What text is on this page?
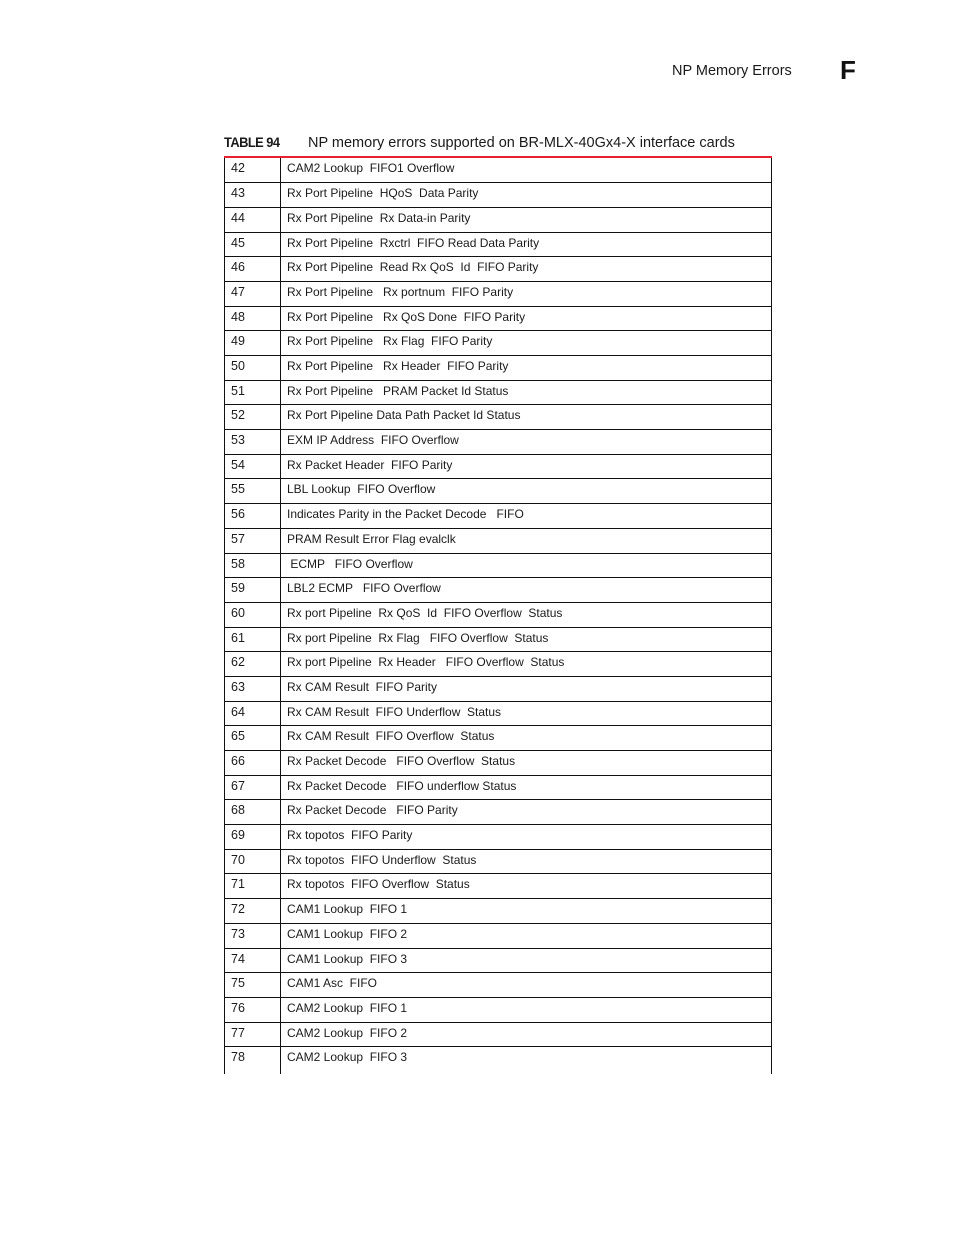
NP Memory Errors F
TABLE 94 NP memory errors supported on BR-MLX-40Gx4-X interface cards
42	CAM2 Lookup  FIFO1 Overflow
43	Rx Port Pipeline  HQoS  Data Parity
44	Rx Port Pipeline  Rx Data-in Parity
45	Rx Port Pipeline  Rxctrl  FIFO Read Data Parity
46	Rx Port Pipeline  Read Rx QoS  Id  FIFO Parity
47	Rx Port Pipeline   Rx portnum  FIFO Parity
48	Rx Port Pipeline   Rx QoS Done  FIFO Parity
49	Rx Port Pipeline   Rx Flag  FIFO Parity
50	Rx Port Pipeline   Rx Header  FIFO Parity
51	Rx Port Pipeline   PRAM Packet Id Status
52	Rx Port Pipeline Data Path Packet Id Status
53	EXM IP Address  FIFO Overflow
54	Rx Packet Header  FIFO Parity
55	LBL Lookup  FIFO Overflow
56	Indicates Parity in the Packet Decode   FIFO
57	PRAM Result Error Flag evalclk
58	ECMP   FIFO Overflow
59	LBL2 ECMP   FIFO Overflow
60	Rx port Pipeline  Rx QoS  Id  FIFO Overflow  Status
61	Rx port Pipeline  Rx Flag   FIFO Overflow  Status
62	Rx port Pipeline  Rx Header   FIFO Overflow  Status
63	Rx CAM Result  FIFO Parity
64	Rx CAM Result  FIFO Underflow  Status
65	Rx CAM Result  FIFO Overflow  Status
66	Rx Packet Decode   FIFO Overflow  Status
67	Rx Packet Decode   FIFO underflow Status
68	Rx Packet Decode   FIFO Parity
69	Rx topotos  FIFO Parity
70	Rx topotos  FIFO Underflow  Status
71	Rx topotos  FIFO Overflow  Status
72	CAM1 Lookup  FIFO 1
73	CAM1 Lookup  FIFO 2
74	CAM1 Lookup  FIFO 3
75	CAM1 Asc  FIFO
76	CAM2 Lookup  FIFO 1
77	CAM2 Lookup  FIFO 2
78	CAM2 Lookup  FIFO 3
